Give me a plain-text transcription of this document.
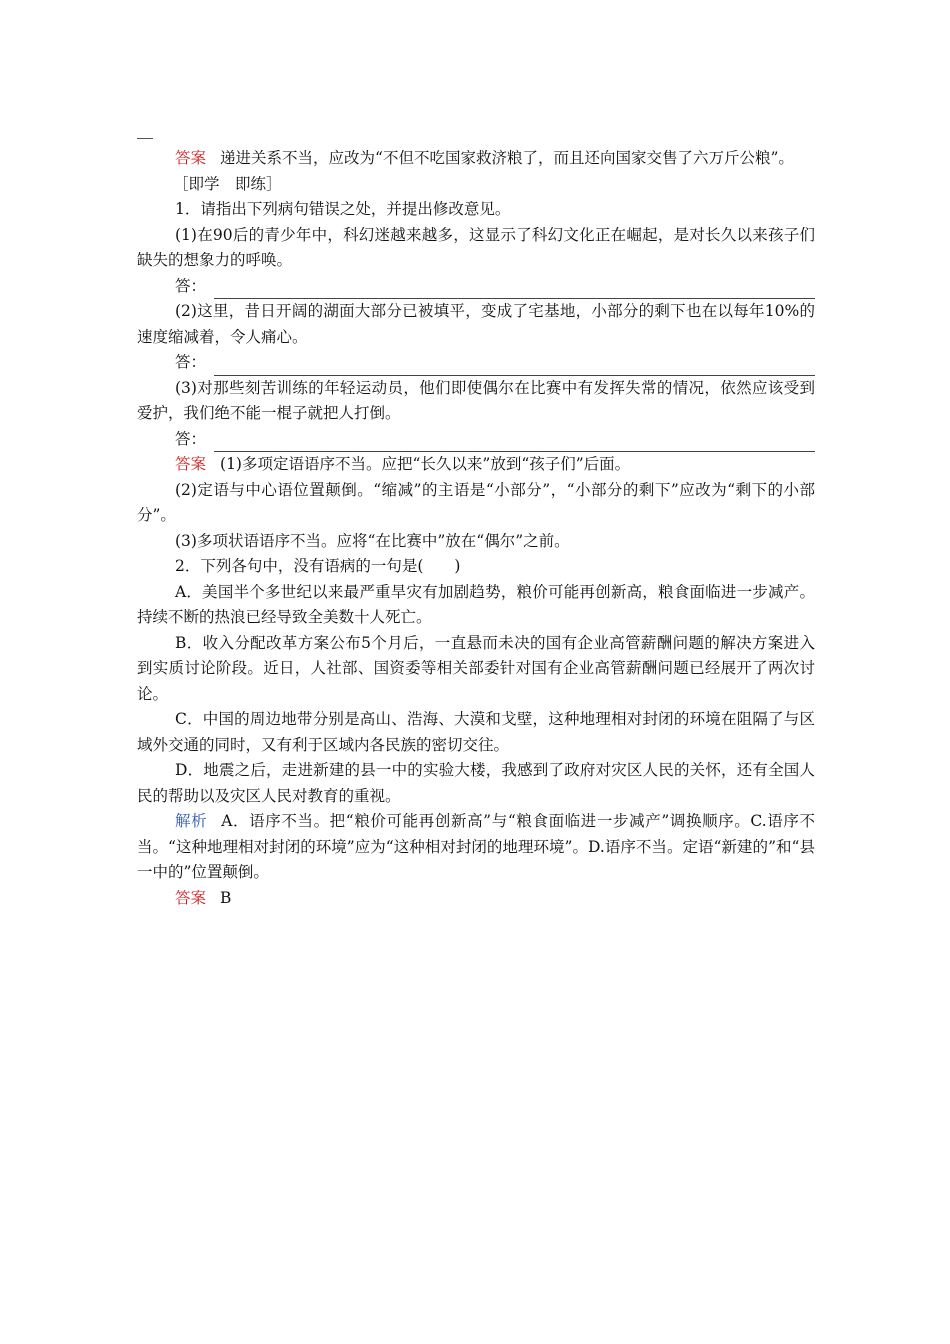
答案 递进关系不当，应改为“不但不吃国家救济粮了，而且还向国家交售了六万斤公粮”。

［即学　即练］

1．请指出下列病句错误之处，并提出修改意见。

(1)在90后的青少年中，科幻迷越来越多，这显示了科幻文化正在崛起，是对长久以来孩子们缺失的想象力的呼唤。

答：

(2)这里，昔日开阔的湖面大部分已被填平，变成了宅基地，小部分的剩下也在以每年10%的速度缩减着，令人痛心。

答：

(3)对那些刻苦训练的年轻运动员，他们即使偶尔在比赛中有发挥失常的情况，依然应该受到爱护，我们绝不能一棍子就把人打倒。

答：

答案 (1)多项定语语序不当。应把“长久以来”放到“孩子们”后面。

(2)定语与中心语位置颠倒。“缩减”的主语是“小部分”，“小部分的剩下”应改为“剩下的小部分”。

(3)多项状语语序不当。应将“在比赛中”放在“偶尔”之前。

2．下列各句中，没有语病的一句是(　　)

A．美国半个多世纪以来最严重旱灾有加剧趋势，粮价可能再创新高，粮食面临进一步减产。持续不断的热浪已经导致全美数十人死亡。

B．收入分配改革方案公布5个月后，一直悬而未决的国有企业高管薪酬问题的解决方案进入到实质讨论阶段。近日，人社部、国资委等相关部委针对国有企业高管薪酬问题已经展开了两次讨论。

C．中国的周边地带分别是高山、浩海、大漠和戈壁，这种地理相对封闭的环境在阻隔了与区域外交通的同时，又有利于区域内各民族的密切交往。

D．地震之后，走进新建的县一中的实验大楼，我感到了政府对灾区人民的关怀，还有全国人民的帮助以及灾区人民对教育的重视。

解析 A．语序不当。把“粮价可能再创新高”与“粮食面临进一步减产”调换顺序。C.语序不当。“这种地理相对封闭的环境”应为“这种相对封闭的地理环境”。D.语序不当。定语“新建的”和“县一中的”位置颠倒。

答案 B
